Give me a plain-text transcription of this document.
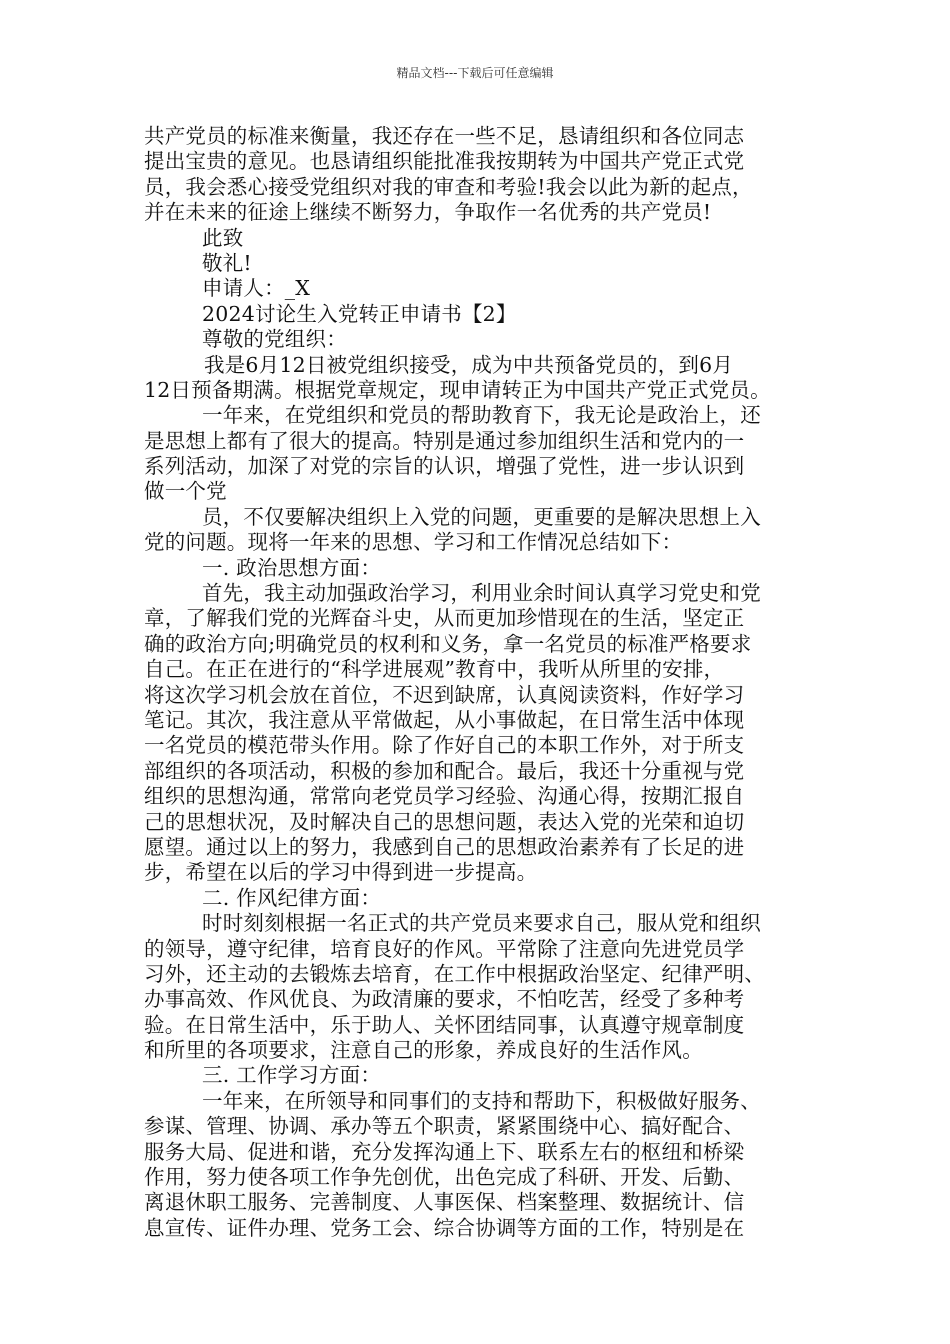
精品文档---下载后可任意编辑
共产党员的标准来衡量，我还存在一些不足，恳请组织和各位同志
提出宝贵的意见。也恳请组织能批准我按期转为中国共产党正式党
员，我会悉心接受党组织对我的审查和考验!我会以此为新的起点，
并在未来的征途上继续不断努力，争取作一名优秀的共产党员!
此致
敬礼!
申请人：_X
2024讨论生入党转正申请书【2】
尊敬的党组织：
我是6月12日被党组织接受，成为中共预备党员的，到6月
12日预备期满。根据党章规定，现申请转正为中国共产党正式党员。
一年来，在党组织和党员的帮助教育下，我无论是政治上，还
是思想上都有了很大的提高。特别是通过参加组织生活和党内的一
系列活动，加深了对党的宗旨的认识，增强了党性，进一步认识到
做一个党
员，不仅要解决组织上入党的问题，更重要的是解决思想上入
党的问题。现将一年来的思想、学习和工作情况总结如下：
一. 政治思想方面：
首先，我主动加强政治学习，利用业余时间认真学习党史和党
章，了解我们党的光辉奋斗史，从而更加珍惜现在的生活，坚定正
确的政治方向;明确党员的权利和义务，拿一名党员的标准严格要求
自己。在正在进行的“科学进展观”教育中，我听从所里的安排，
将这次学习机会放在首位，不迟到缺席，认真阅读资料，作好学习
笔记。其次，我注意从平常做起，从小事做起，在日常生活中体现
一名党员的模范带头作用。除了作好自己的本职工作外，对于所支
部组织的各项活动，积极的参加和配合。最后，我还十分重视与党
组织的思想沟通，常常向老党员学习经验、沟通心得，按期汇报自
己的思想状况，及时解决自己的思想问题，表达入党的光荣和迫切
愿望。通过以上的努力，我感到自己的思想政治素养有了长足的进
步，希望在以后的学习中得到进一步提高。
二. 作风纪律方面：
时时刻刻根据一名正式的共产党员来要求自己，服从党和组织
的领导，遵守纪律，培育良好的作风。平常除了注意向先进党员学
习外，还主动的去锻炼去培育，在工作中根据政治坚定、纪律严明、
办事高效、作风优良、为政清廉的要求，不怕吃苦，经受了多种考
验。在日常生活中，乐于助人、关怀团结同事，认真遵守规章制度
和所里的各项要求，注意自己的形象，养成良好的生活作风。
三. 工作学习方面：
一年来，在所领导和同事们的支持和帮助下，积极做好服务、
参谋、管理、协调、承办等五个职责，紧紧围绕中心、搞好配合、
服务大局、促进和谐，充分发挥沟通上下、联系左右的枢纽和桥梁
作用，努力使各项工作争先创优，出色完成了科研、开发、后勤、
离退休职工服务、完善制度、人事医保、档案整理、数据统计、信
息宣传、证件办理、党务工会、综合协调等方面的工作，特别是在
